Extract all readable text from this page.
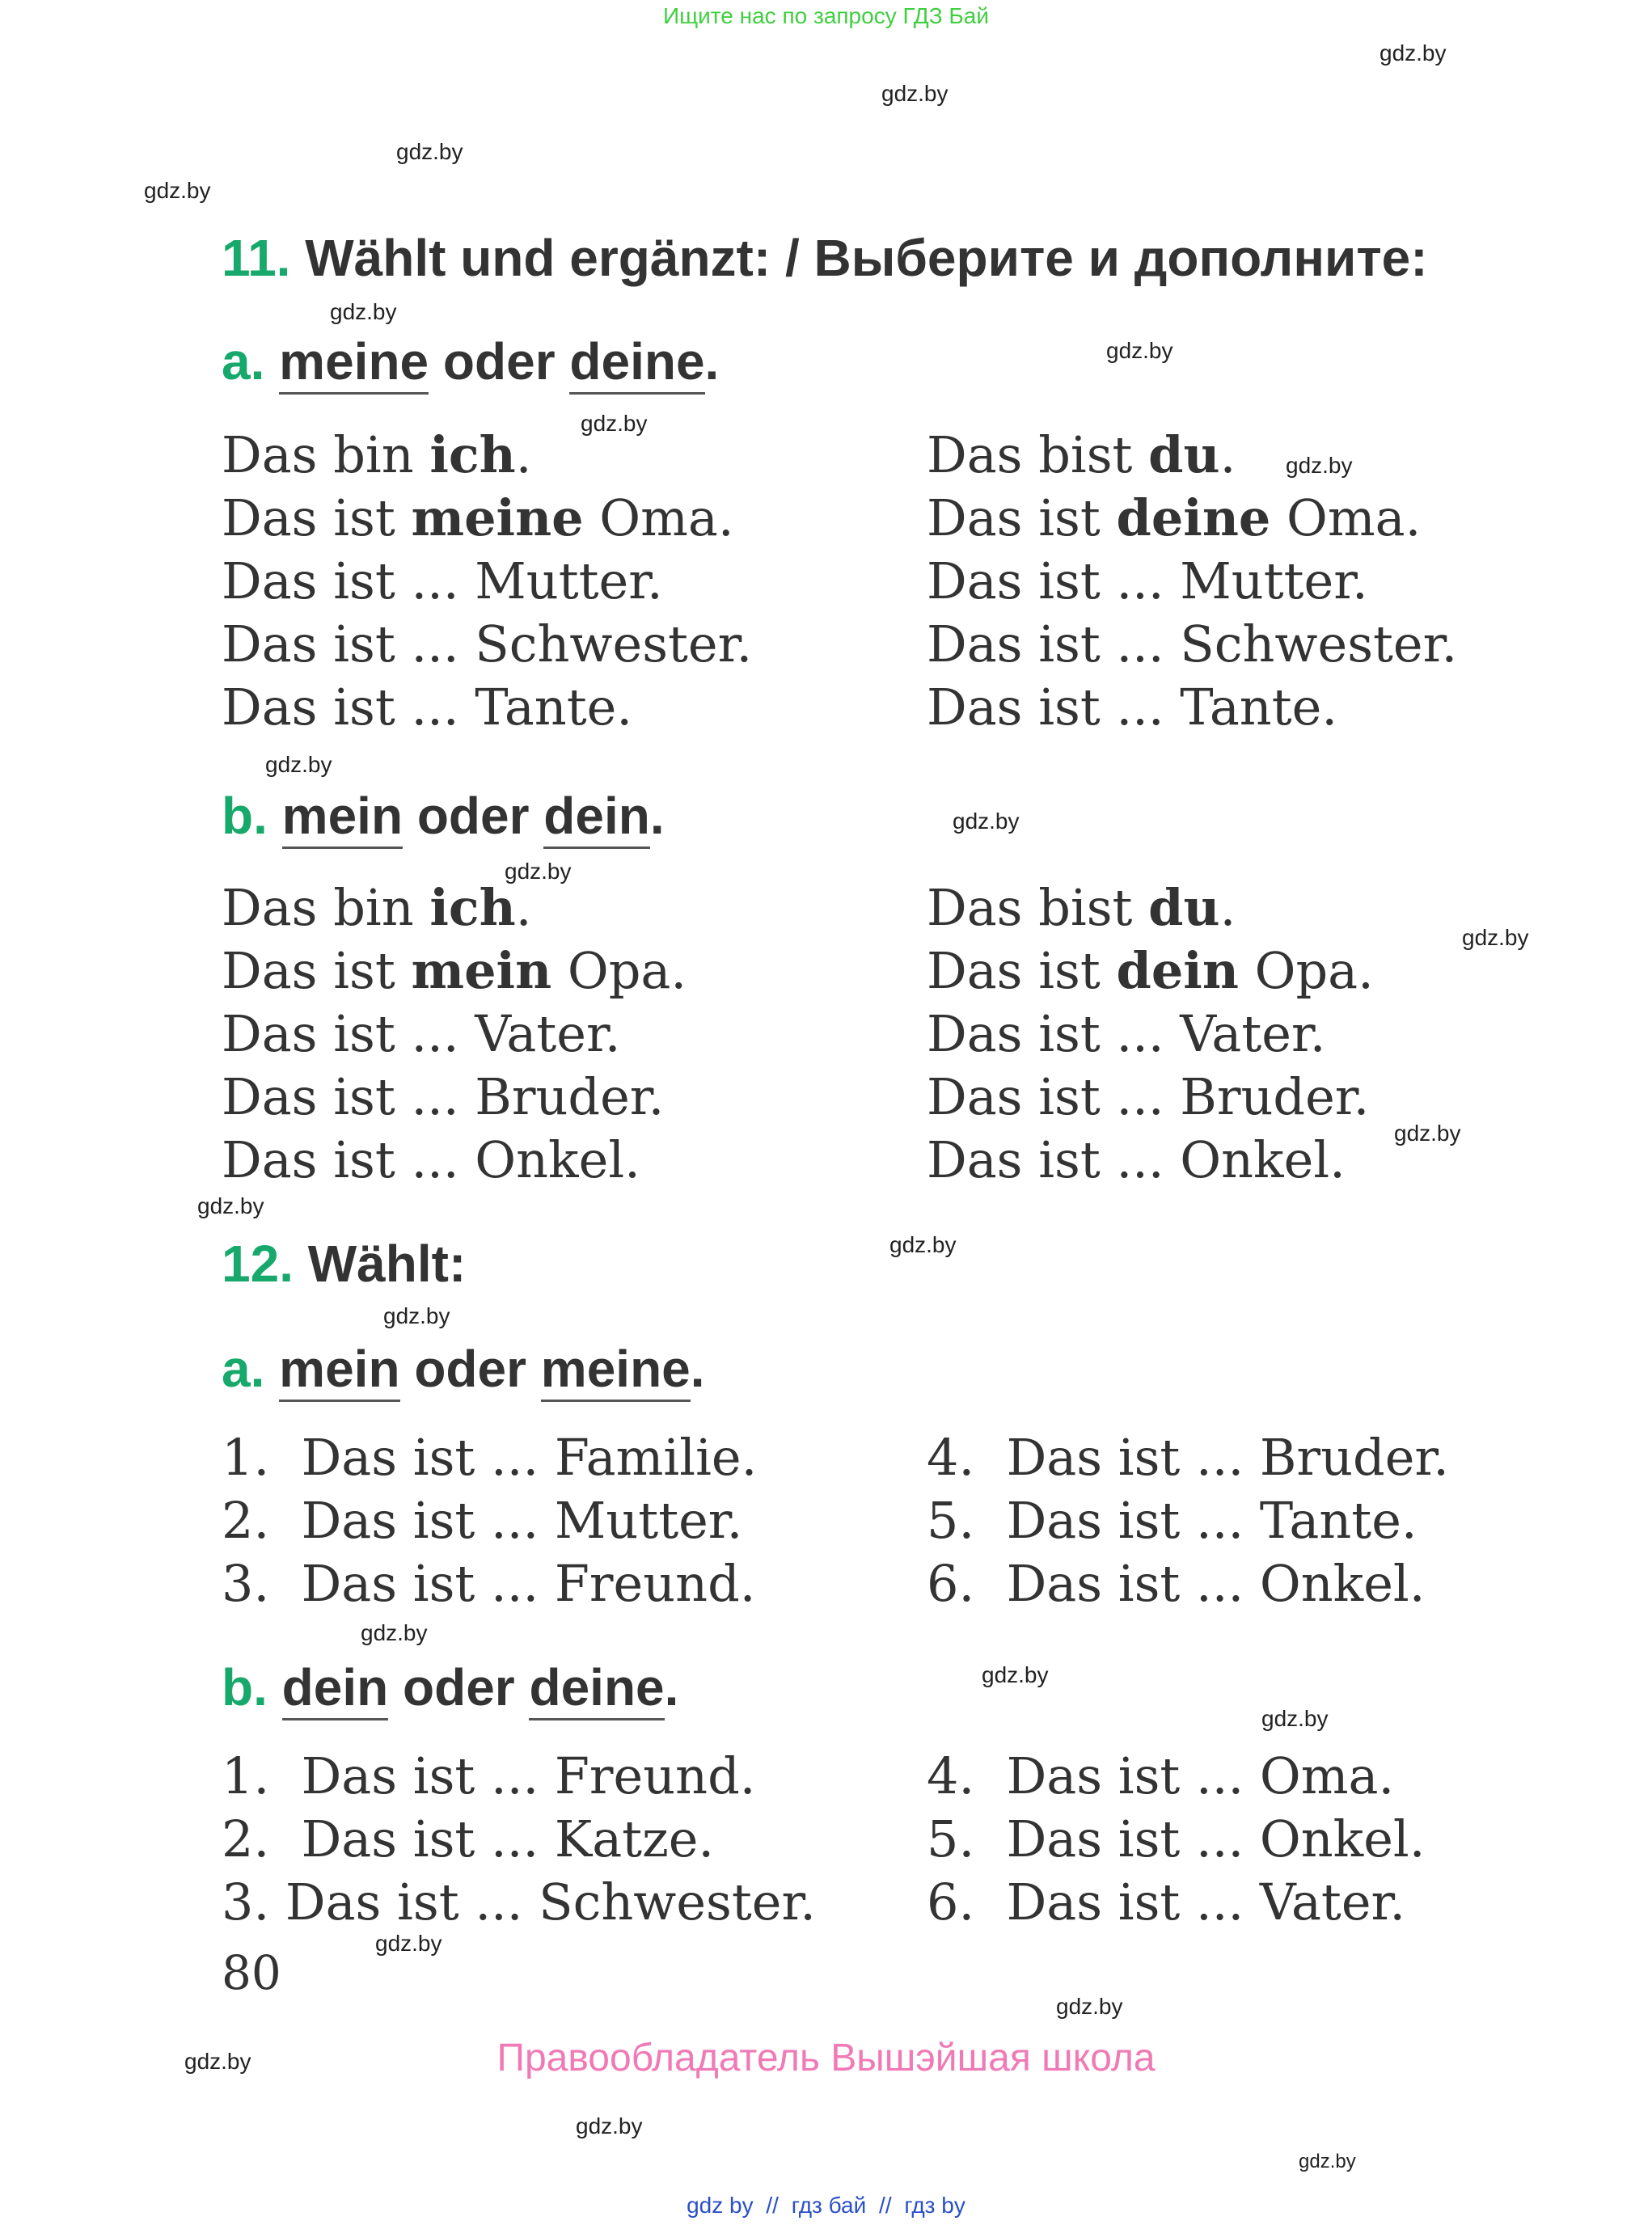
Ищите нас по запросу ГДЗ Бай
gdz.by
gdz.by
gdz.by
gdz.by
gdz.by
gdz.by
gdz.by
gdz.by
gdz.by
gdz.by
gdz.by
gdz.by
gdz.by
gdz.by
gdz.by
gdz.by
gdz.by
gdz.by
gdz.by
gdz.by
gdz.by
gdz.by
gdz.by
gdz.by
11. Wählt und ergänzt: / Выберите и дополните:
a. meine oder deine.
Das bin ich.
Das ist meine Oma.
Das ist ... Mutter.
Das ist ... Schwester.
Das ist ... Tante.
Das bist du.
Das ist deine Oma.
Das ist ... Mutter.
Das ist ... Schwester.
Das ist ... Tante.
b. mein oder dein.
Das bin ich.
Das ist mein Opa.
Das ist ... Vater.
Das ist ... Bruder.
Das ist ... Onkel.
Das bist du.
Das ist dein Opa.
Das ist ... Vater.
Das ist ... Bruder.
Das ist ... Onkel.
12. Wählt:
a. mein oder meine.
1.  Das ist ... Familie.
2.  Das ist ... Mutter.
3.  Das ist ... Freund.
4.  Das ist ... Bruder.
5.  Das ist ... Tante.
6.  Das ist ... Onkel.
b. dein oder deine.
1.  Das ist ... Freund.
2.  Das ist ... Katze.
3. Das ist ... Schwester.
4.  Das ist ... Oma.
5.  Das ist ... Onkel.
6.  Das ist ... Vater.
80
Правообладатель Вышэйшая школа
gdz by // гдз бай // гдз by
